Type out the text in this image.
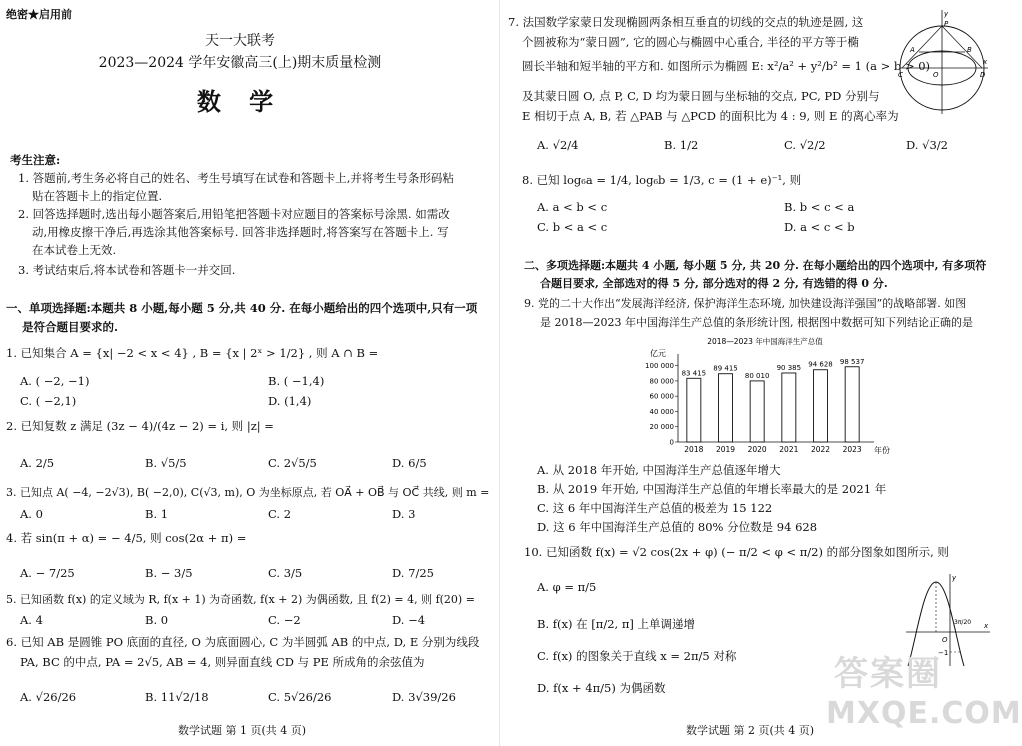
绝密★启用前
天一大联考
2023—2024 学年安徽高三(上)期末质量检测
数 学
考生注意:
1. 答题前,考生务必将自己的姓名、考生号填写在试卷和答题卡上,并将考生号条形码粘
贴在答题卡上的指定位置.
2. 回答选择题时,选出每小题答案后,用铅笔把答题卡对应题目的答案标号涂黑. 如需改
动,用橡皮擦干净后,再选涂其他答案标号. 回答非选择题时,将答案写在答题卡上. 写
在本试卷上无效.
3. 考试结束后,将本试卷和答题卡一并交回.
一、单项选择题:本题共 8 小题,每小题 5 分,共 40 分. 在每小题给出的四个选项中,只有一项
是符合题目要求的.
1. 已知集合 A = {x| −2 < x < 4} , B = {x | 2ˣ > 1/2} , 则 A ∩ B =
A. ( −2, −1)	B. ( −1,4)
C. ( −2,1)	D. (1,4)
2. 已知复数 z 满足 (3z − 4)/(4z − 2) = i, 则 |z| =
A. 2/5	B. √5/5	C. 2√5/5	D. 6/5
3. 已知点 A( −4, −2√3), B( −2,0), C(√3, m), O 为坐标原点, 若 OA⃗ + OB⃗ 与 OC⃗ 共线, 则 m =
A. 0	B. 1	C. 2	D. 3
4. 若 sin(π + α) = − 4/5, 则 cos(2α + π) =
A. − 7/25	B. − 3/5	C. 3/5	D. 7/25
5. 已知函数 f(x) 的定义域为 R, f(x + 1) 为奇函数, f(x + 2) 为偶函数, 且 f(2) = 4, 则 f(20) =
A. 4	B. 0	C. −2	D. −4
6. 已知 AB 是圆锥 PO 底面的直径, O 为底面圆心, C 为半圆弧 AB 的中点, D, E 分别为线段
PA, BC 的中点, PA = 2√5, AB = 4, 则异面直线 CD 与 PE 所成角的余弦值为
A. √26/26	B. 11√2/18	C. 5√26/26	D. 3√39/26
数学试题 第 1 页(共 4 页)
7. 法国数学家蒙日发现椭圆两条相互垂直的切线的交点的轨迹是圆, 这
个圆被称为“蒙日圆”, 它的圆心与椭圆中心重合, 半径的平方等于椭
圆长半轴和短半轴的平方和. 如图所示为椭圆 E: x²/a² + y²/b² = 1 (a > b > 0)
及其蒙日圆 O, 点 P, C, D 均为蒙日圆与坐标轴的交点, PC, PD 分别与
E 相切于点 A, B, 若 △PAB 与 △PCD 的面积比为 4 : 9, 则 E 的离心率为
y
P
A	B
C	D
O
x
A. √2/4	B. 1/2	C. √2/2	D. √3/2
8. 已知 log₆a = 1/4, log₆b = 1/3, c = (1 + e)⁻¹, 则
A. a < b < c	B. b < c < a
C. b < a < c	D. a < c < b
二、多项选择题:本题共 4 小题, 每小题 5 分, 共 20 分. 在每小题给出的四个选项中, 有多项符
合题目要求, 全部选对的得 5 分, 部分选对的得 2 分, 有选错的得 0 分.
9. 党的二十大作出“发展海洋经济, 保护海洋生态环境, 加快建设海洋强国”的战略部署. 如图
是 2018—2023 年中国海洋生产总值的条形统计图, 根据图中数据可知下列结论正确的是
2018—2023 年中国海洋生产总值
亿元
年份
100 000
80 000
60 000
40 000
20 000
0
83 415
2018
89 415
2019
80 010
2020
90 385
2021
94 628
2022
98 537
2023
A. 从 2018 年开始, 中国海洋生产总值逐年增大
B. 从 2019 年开始, 中国海洋生产总值的年增长率最大的是 2021 年
C. 这 6 年中国海洋生产总值的极差为 15 122
D. 这 6 年中国海洋生产总值的 80% 分位数是 94 628
10. 已知函数 f(x) = √2 cos(2x + φ) (− π/2 < φ < π/2) 的部分图象如图所示, 则
A. φ = π/5
B. f(x) 在 [π/2, π] 上单调递增
C. f(x) 的图象关于直线 x = 2π/5 对称
D. f(x + 4π/5) 为偶函数
y
3π/20
O
x
−1
数学试题 第 2 页(共 4 页)
答案圈
MXQE.COM
